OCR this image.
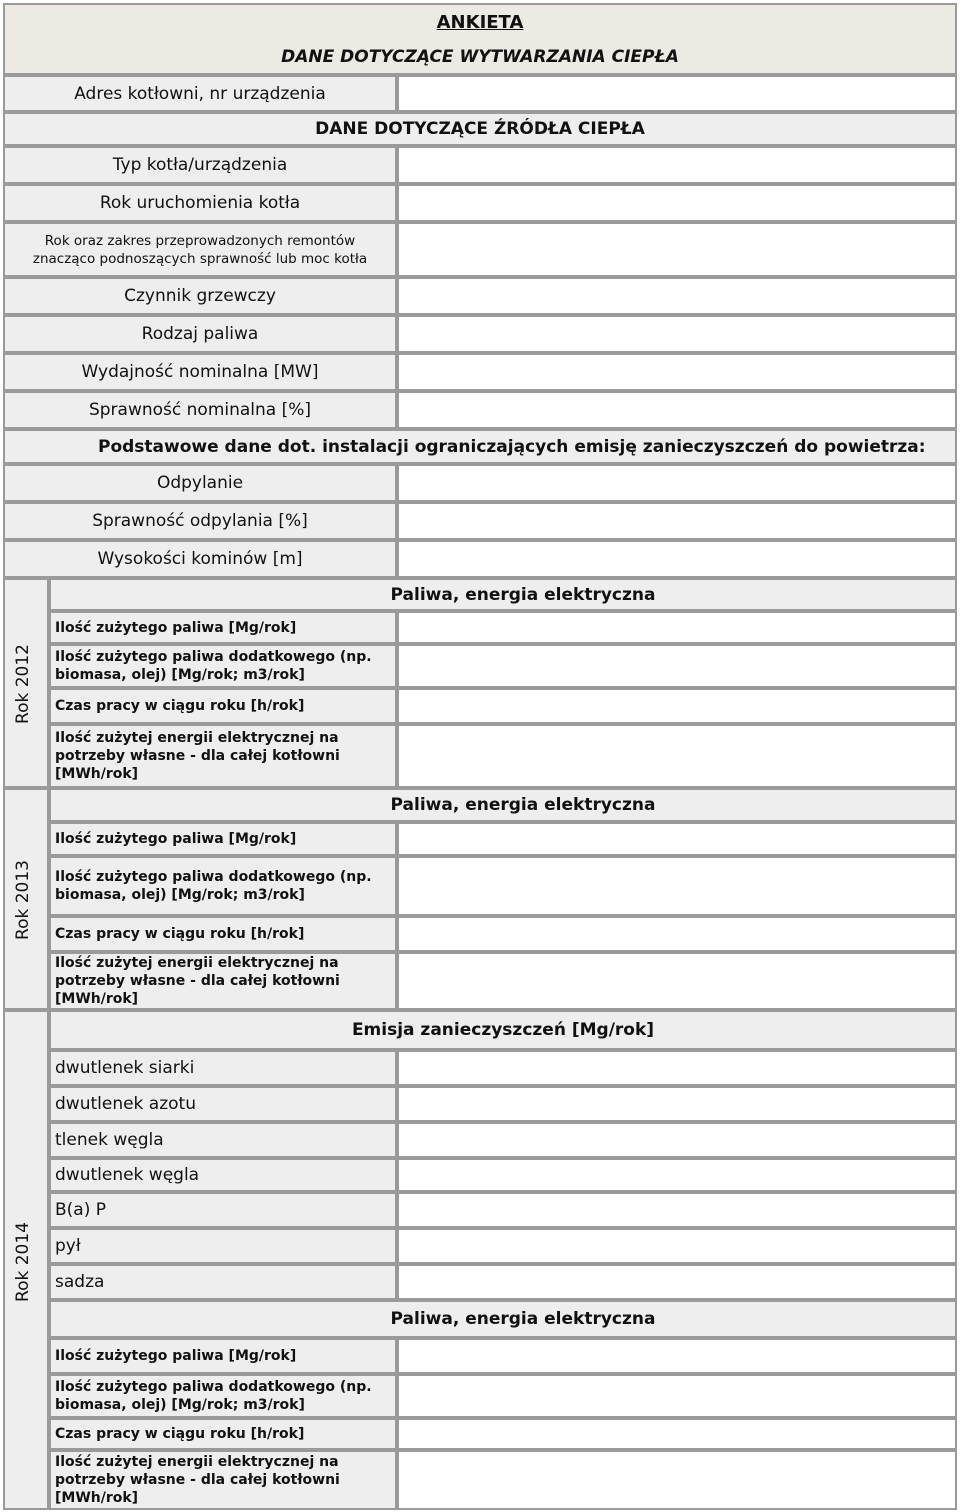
ANKIETA
DANE DOTYCZĄCE WYTWARZANIA CIEPŁA
Adres kotłowni, nr urządzenia
DANE DOTYCZĄCE ŹRÓDŁA CIEPŁA
Typ kotła/urządzenia
Rok uruchomienia kotła
Rok oraz zakres przeprowadzonych remontów znacząco podnoszących sprawność lub moc kotła
Czynnik grzewczy
Rodzaj paliwa
Wydajność nominalna [MW]
Sprawność nominalna [%]
Podstawowe dane dot. instalacji ograniczających emisję zanieczyszczeń do powietrza:
Odpylanie
Sprawność odpylania [%]
Wysokości kominów [m]
Rok 2012
Paliwa, energia elektryczna
Ilość zużytego paliwa [Mg/rok]
Ilość zużytego paliwa dodatkowego (np. biomasa, olej) [Mg/rok; m3/rok]
Czas pracy w ciągu roku [h/rok]
Ilość zużytej energii elektrycznej na potrzeby własne - dla całej kotłowni [MWh/rok]
Rok 2013
Paliwa, energia elektryczna
Ilość zużytego paliwa [Mg/rok]
Ilość zużytego paliwa dodatkowego (np. biomasa, olej) [Mg/rok; m3/rok]
Czas pracy w ciągu roku [h/rok]
Ilość zużytej energii elektrycznej na potrzeby własne - dla całej kotłowni [MWh/rok]
Rok 2014
Emisja zanieczyszczeń [Mg/rok]
dwutlenek siarki
dwutlenek azotu
tlenek węgla
dwutlenek węgla
B(a) P
pył
sadza
Paliwa, energia elektryczna
Ilość zużytego paliwa [Mg/rok]
Ilość zużytego paliwa dodatkowego (np. biomasa, olej) [Mg/rok; m3/rok]
Czas pracy w ciągu roku [h/rok]
Ilość zużytej energii elektrycznej na potrzeby własne - dla całej kotłowni [MWh/rok]
